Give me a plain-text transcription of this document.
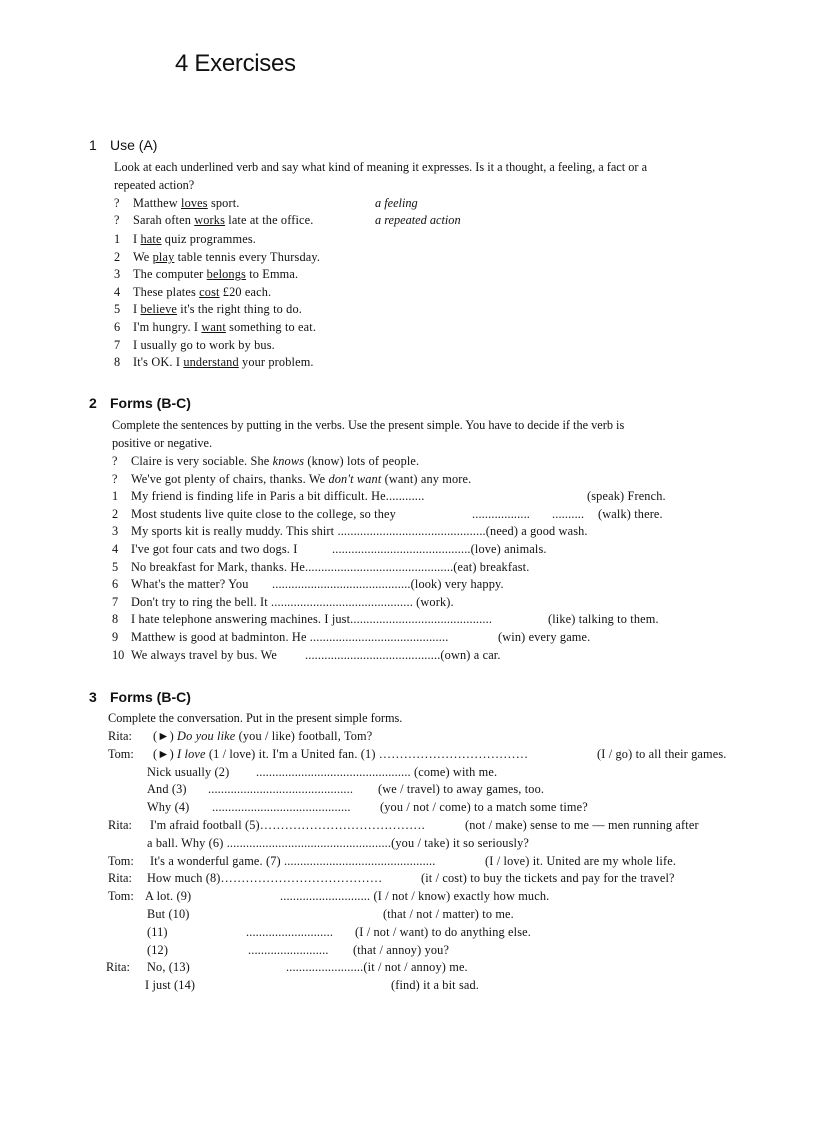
4 Exercises
1 Use (A)
Look at each underlined verb and say what kind of meaning it expresses. Is it a thought, a feeling, a fact or a
repeated action?
? Matthew loves sport.	a feeling
? Sarah often works late at the office.	a repeated action
1 I hate quiz programmes.
2 We play table tennis every Thursday.
3 The computer belongs to Emma.
4 These plates cost £20 each.
5 I believe it's the right thing to do.
6 I'm hungry. I want something to eat.
7 I usually go to work by bus.
8 It's OK. I understand your problem.
2 Forms (B-C)
Complete the sentences by putting in the verbs. Use the present simple. You have to decide if the verb is
positive or negative.
? Claire is very sociable. She knows (know) lots of people.
? We've got plenty of chairs, thanks. We don't want (want) any more.
1 My friend is finding life in Paris a bit difficult. He............	(speak) French.
2 Most students live quite close to the college, so they	.................. .......... (walk) there.
3 My sports kit is really muddy. This shirt ..............................................(need) a good wash.
4 I've got four cats and two dogs. I	...........................................(love) animals.
5 No breakfast for Mark, thanks. He..............................................(eat) breakfast.
6 What's the matter? You ...........................................(look) very happy.
7 Don't try to ring the bell. It ............................................ (work).
8 I hate telephone answering machines. I just............................................	(like) talking to them.
9 Matthew is good at badminton. He ...........................................	(win) every game.
10 We always travel by bus. We ..........................................(own) a car.
3 Forms (B-C)
Complete the conversation. Put in the present simple forms.
Rita: (►) Do you like (you / like) football, Tom?
Tom: (►) I love (1 / love) it. I'm a United fan. (1) ………………………………	(I / go) to all their games.
Nick usually (2) ................................................ (come) with me.
And (3) ............................................. (we / travel) to away games, too.
Why (4) ........................................... (you / not / come) to a match some time?
Rita: I'm afraid football (5)………………………………….	(not / make) sense to me — men running after
a ball. Why (6) ...................................................(you / take) it so seriously?
Tom: It's a wonderful game. (7) ...............................................	(I / love) it. United are my whole life.
Rita: How much (8)…………………………………	(it / cost) to buy the tickets and pay for the travel?
Tom: A lot. (9)	............................ (I / not / know) exactly how much.
But (10)	(that / not / matter) to me.
(11)	........................... (I / not / want) to do anything else.
(12)	......................... (that / annoy) you?
Rita: No, (13)	........................(it / not / annoy) me.
I just (14)	(find) it a bit sad.
